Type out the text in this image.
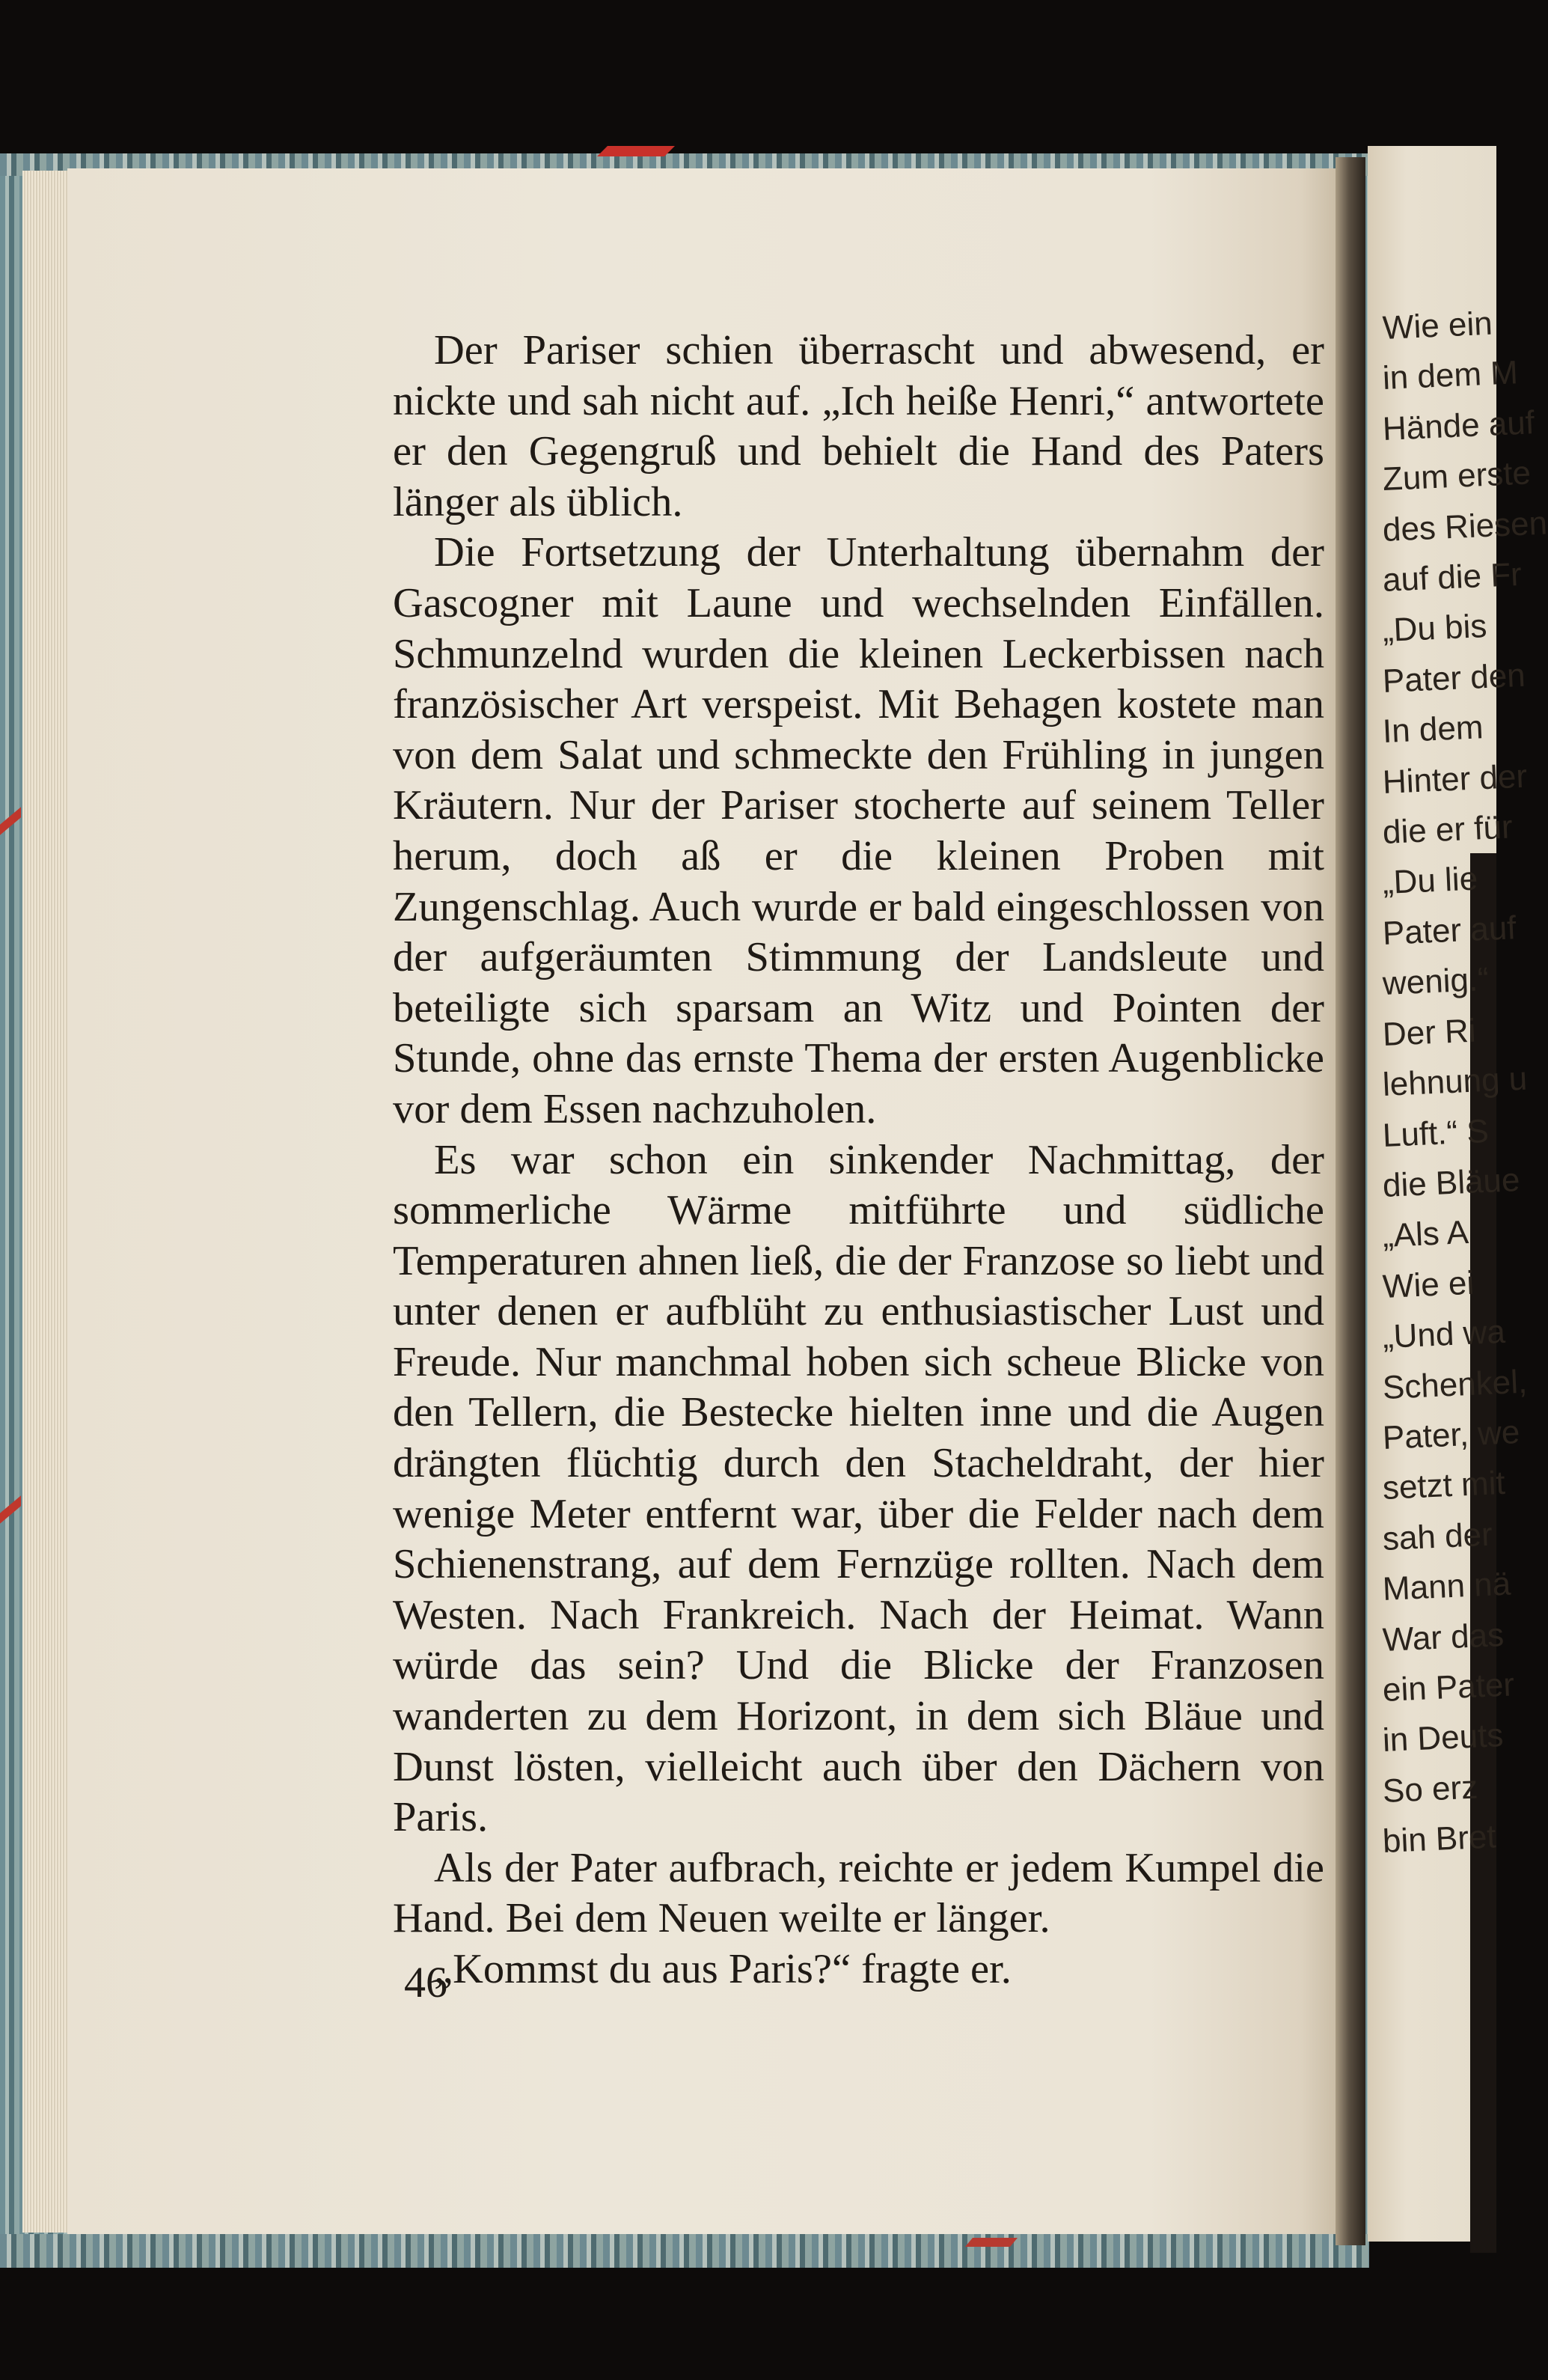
Der Pariser schien überrascht und abwesend, er nickte und sah nicht auf. „Ich heiße Henri,“ antwortete er den Gegengruß und behielt die Hand des Paters länger als üblich.

Die Fortsetzung der Unterhaltung übernahm der Gascogner mit Laune und wechselnden Einfällen. Schmunzelnd wurden die kleinen Leckerbissen nach französischer Art verspeist. Mit Behagen kostete man von dem Salat und schmeckte den Frühling in jungen Kräutern. Nur der Pariser stocherte auf seinem Teller herum, doch aß er die kleinen Proben mit Zungenschlag. Auch wurde er bald eingeschlossen von der aufgeräumten Stimmung der Landsleute und beteiligte sich sparsam an Witz und Pointen der Stunde, ohne das ernste Thema der ersten Augenblicke vor dem Essen nachzuholen.

Es war schon ein sinkender Nachmittag, der sommerliche Wärme mitführte und südliche Temperaturen ahnen ließ, die der Franzose so liebt und unter denen er aufblüht zu enthusiastischer Lust und Freude. Nur manchmal hoben sich scheue Blicke von den Tellern, die Bestecke hielten inne und die Augen drängten flüchtig durch den Stacheldraht, der hier wenige Meter entfernt war, über die Felder nach dem Schienenstrang, auf dem Fernzüge rollten. Nach dem Westen. Nach Frankreich. Nach der Heimat. Wann würde das sein? Und die Blicke der Franzosen wanderten zu dem Horizont, in dem sich Bläue und Dunst lösten, vielleicht auch über den Dächern von Paris.

Als der Pater aufbrach, reichte er jedem Kumpel die Hand. Bei dem Neuen weilte er länger.

„Kommst du aus Paris?“ fragte er.

46
Wie ein
in dem M
Hände auf
Zum erste
des Riesen
auf die Fr
„Du bis
Pater den
In dem
Hinter der
die er für
„Du lie
Pater auf
wenig.“
Der Ri
lehnung u
Luft.“ S
die Bläue
„Als A
Wie ei
„Und wa
Schenkel,
Pater, we
setzt mit
sah der
Mann nä
War das
ein Pater
in Deuts
So erz
bin Bret
